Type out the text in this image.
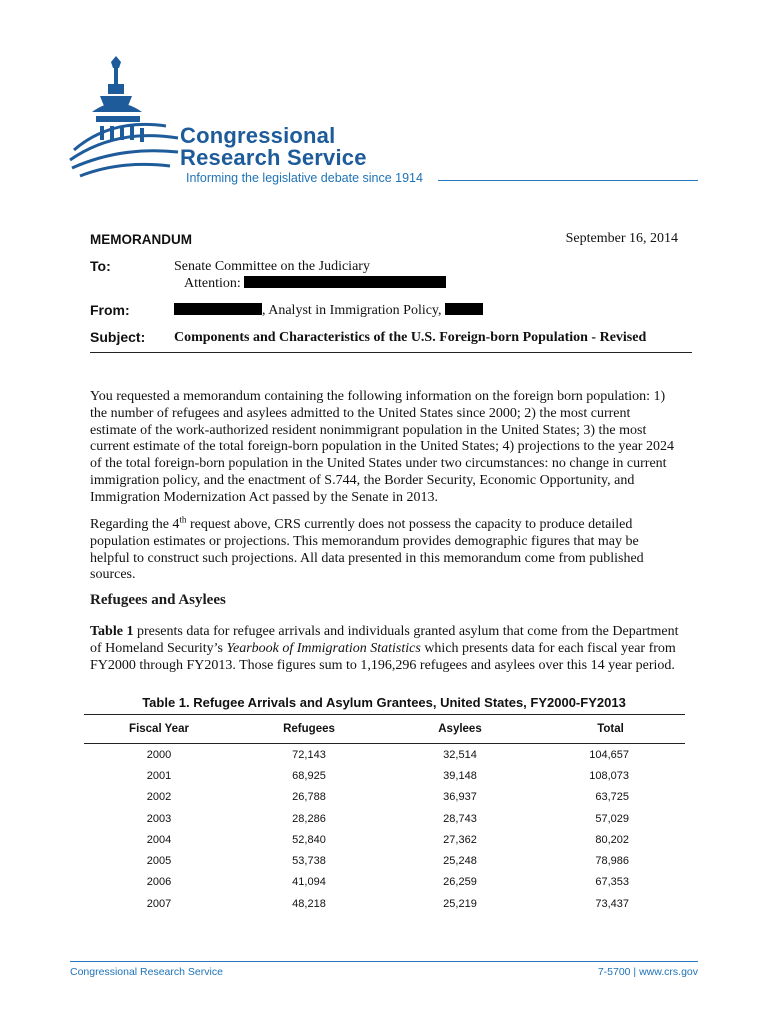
Congressional
Research Service
Informing the legislative debate since 1914
MEMORANDUM	September 16, 2014
To:	Senate Committee on the Judiciary
Attention:
From:	, Analyst in Immigration Policy,
Subject: Components and Characteristics of the U.S. Foreign-born Population - Revised

You requested a memorandum containing the following information on the foreign born population: 1) the number of refugees and asylees admitted to the United States since 2000; 2) the most current estimate of the work-authorized resident nonimmigrant population in the United States; 3) the most current estimate of the total foreign-born population in the United States; 4) projections to the year 2024 of the total foreign-born population in the United States under two circumstances: no change in current immigration policy, and the enactment of S.744, the Border Security, Economic Opportunity, and Immigration Modernization Act passed by the Senate in 2013.

Regarding the 4th request above, CRS currently does not possess the capacity to produce detailed population estimates or projections. This memorandum provides demographic figures that may be helpful to construct such projections. All data presented in this memorandum come from published sources.

Refugees and Asylees

Table 1 presents data for refugee arrivals and individuals granted asylum that come from the Department of Homeland Security’s Yearbook of Immigration Statistics which presents data for each fiscal year from FY2000 through FY2013. Those figures sum to 1,196,296 refugees and asylees over this 14 year period.

Table 1. Refugee Arrivals and Asylum Grantees, United States, FY2000-FY2013
Fiscal Year	Refugees	Asylees	Total
2000	72,143	32,514	104,657
2001	68,925	39,148	108,073
2002	26,788	36,937	63,725
2003	28,286	28,743	57,029
2004	52,840	27,362	80,202
2005	53,738	25,248	78,986
2006	41,094	26,259	67,353
2007	48,218	25,219	73,437
Congressional Research Service	7-5700 | www.crs.gov
